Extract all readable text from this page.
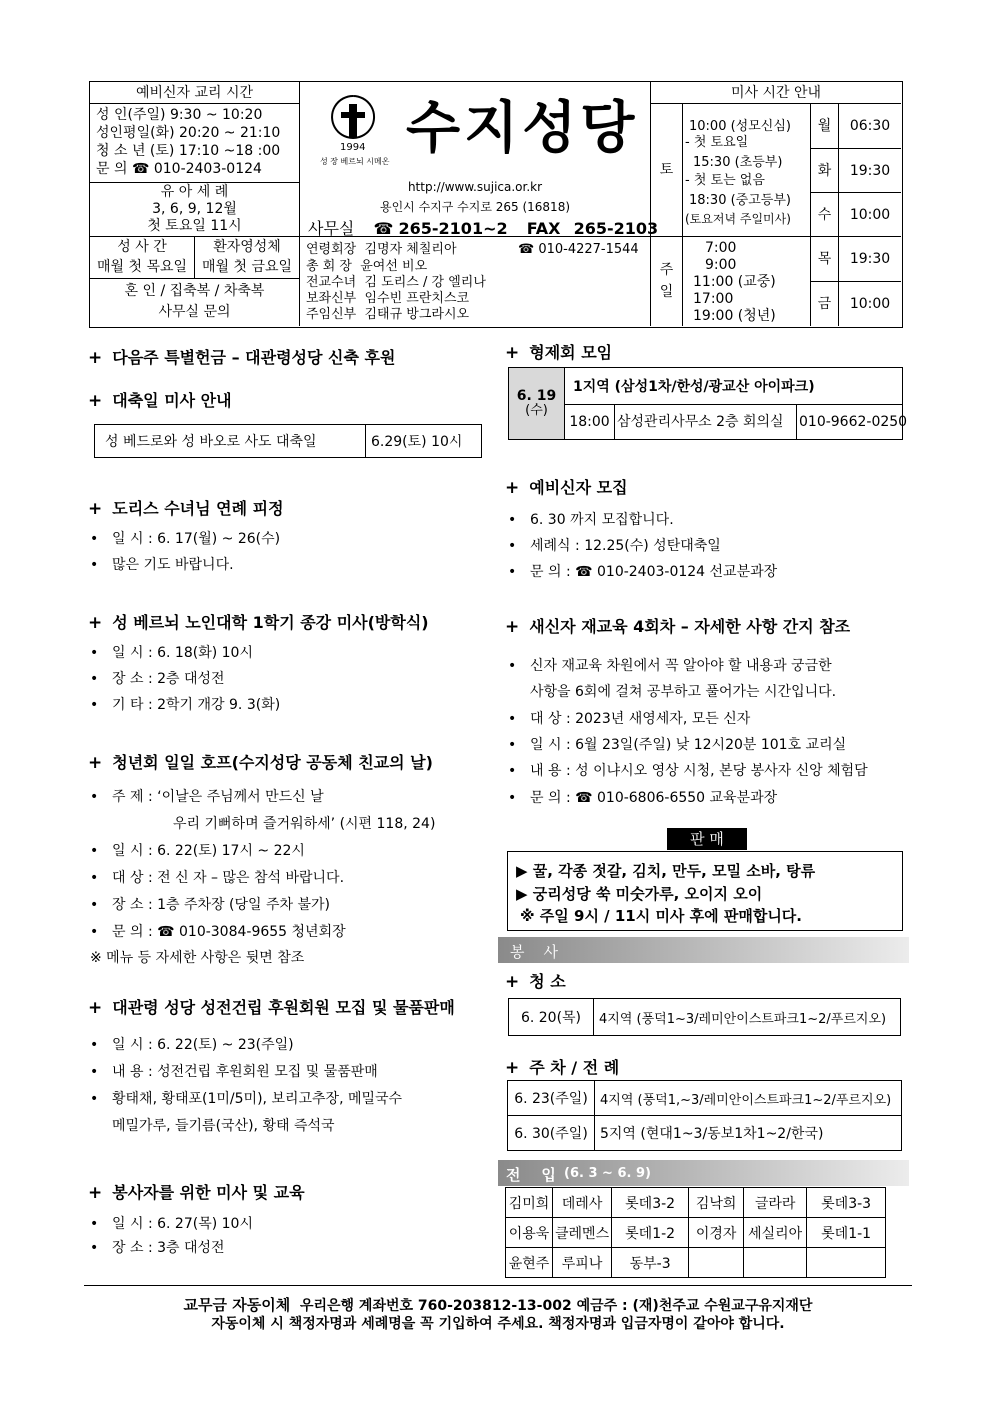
예비신자 교리 시간
성 인(주일) 9:30 ~ 10:20
성인평일(화) 20:20 ~ 21:10
청 소 년 (토) 17:10 ~18 :00
문 의 ☎ 010-2403-0124
유 아 세 례
3, 6, 9, 12월
첫 토요일 11시
성 사 간
매월 첫 목요일
환자영성체
매월 첫 금요일
혼 인 / 집축복 / 차축복
사무실 문의
1994
성 장 베르뇌 시메온
수지성당
http://www.sujica.or.kr
용인시 수지구 수지로 265 (16818)
사무실 ☎ 265-2101~2 FAX 265-2103
연령회장 김명자 체칠리아	☎ 010-4227-1544
총 회 장 윤여선 비오
전교수녀 김 도리스 / 강 엘리나
보좌신부 임수빈 프란치스코
주임신부 김태규 방그라시오
미사 시간 안내
토
10:00 (성모신심)
- 첫 토요일
15:30 (초등부)
- 첫 토는 없음
18:30 (중고등부)
(토요저녁 주일미사)
주일
7:00
9:00
11:00 (교중)
17:00
19:00 (청년)
월	06:30
화	19:30
수	10:00
목	19:30
금	10:00
+ 다음주 특별헌금 – 대관령성당 신축 후원
+ 대축일 미사 안내
성 베드로와 성 바오로 사도 대축일	6.29(토) 10시
+ 도리스 수녀님 연례 피정
• 일 시 : 6. 17(월) ~ 26(수)
• 많은 기도 바랍니다.
+ 성 베르뇌 노인대학 1학기 종강 미사(방학식)
• 일 시 : 6. 18(화) 10시
• 장 소 : 2층 대성전
• 기 타 : 2학기 개강 9. 3(화)
+ 청년회 일일 호프(수지성당 공동체 친교의 날)
• 주 제 : ‘이날은 주님께서 만드신 날
우리 기뻐하며 즐거워하세’ (시편 118, 24)
• 일 시 : 6. 22(토) 17시 ~ 22시
• 대 상 : 전 신 자 – 많은 참석 바랍니다.
• 장 소 : 1층 주차장 (당일 주차 불가)
• 문 의 : ☎ 010-3084-9655 청년회장
※ 메뉴 등 자세한 사항은 뒷면 참조
+ 대관령 성당 성전건립 후원회원 모집 및 물품판매
• 일 시 : 6. 22(토) ~ 23(주일)
• 내 용 : 성전건립 후원회원 모집 및 물품판매
• 황태채, 황태포(1미/5미), 보리고추장, 메밀국수
메밀가루, 들기름(국산), 황태 즉석국
+ 봉사자를 위한 미사 및 교육
• 일 시 : 6. 27(목) 10시
• 장 소 : 3층 대성전
+ 형제회 모임
6. 19
(수)
1지역 (삼성1차/한성/광교산 아이파크)
18:00 삼성관리사무소 2층 회의실	010-9662-0250
+ 예비신자 모집
• 6. 30 까지 모집합니다.
• 세례식 : 12.25(수) 성탄대축일
• 문 의 : ☎ 010-2403-0124 선교분과장
+ 새신자 재교육 4회차 – 자세한 사항 간지 참조
• 신자 재교육 차원에서 꼭 알아야 할 내용과 궁금한
사항을 6회에 걸쳐 공부하고 풀어가는 시간입니다.
• 대 상 : 2023년 새영세자, 모든 신자
• 일 시 : 6월 23일(주일) 낮 12시20분 101호 교리실
• 내 용 : 성 이냐시오 영상 시청, 본당 봉사자 신앙 체험담
• 문 의 : ☎ 010-6806-6550 교육분과장
판 매
▶ 꿀, 각종 젓갈, 김치, 만두, 모밀 소바, 탕류
▶ 궁리성당 쑥 미숫가루, 오이지 오이
※ 주일 9시 / 11시 미사 후에 판매합니다.
봉    사
+ 청 소
6. 20(목)	4지역 (풍덕1~3/레미안이스트파크1~2/푸르지오)
+ 주 차 / 전 례
6. 23(주일)	4지역 (풍덕1,~3/레미안이스트파크1~2/푸르지오)
6. 30(주일)	5지역 (현대1~3/동보1차1~2/한국)
전    입 (6. 3 ~ 6. 9)
김미희	데레사	롯데3-2	김낙희	글라라	롯데3-3
이용욱	클레멘스	롯데1-2	이경자	세실리아	롯데1-1
윤현주	루피나	동부-3			
교무금 자동이체 우리은행 계좌번호 760-203812-13-002 예금주 : (재)천주교 수원교구유지재단
자동이체 시 책정자명과 세례명을 꼭 기입하여 주세요. 책정자명과 입금자명이 같아야 합니다.
